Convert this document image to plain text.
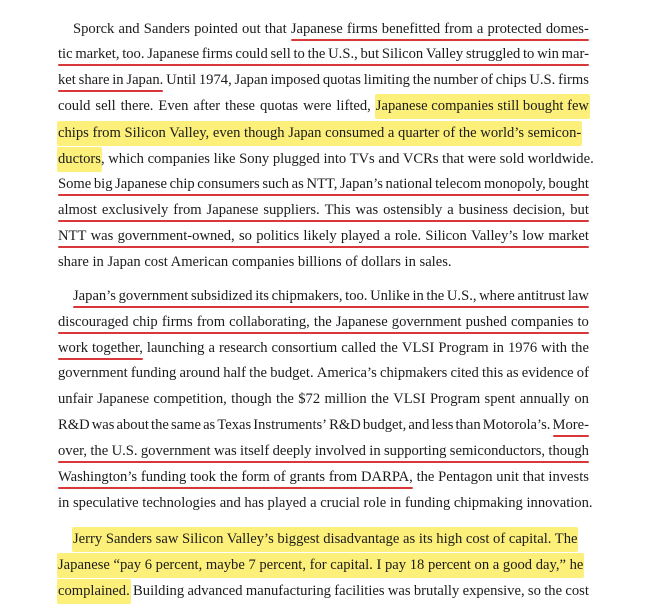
Sporck and Sanders pointed out that Japanese firms benefitted from a protected domes-
tic market, too. Japanese firms could sell to the U.S., but Silicon Valley struggled to win mar-
ket share in Japan. Until 1974, Japan imposed quotas limiting the number of chips U.S. firms
could sell there. Even after these quotas were lifted, Japanese companies still bought few
chips from Silicon Valley, even though Japan consumed a quarter of the world’s semicon-
ductors , which companies like Sony plugged into TVs and VCRs that were sold worldwide.
Some big Japanese chip consumers such as NTT, Japan’s national telecom monopoly, bought
almost exclusively from Japanese suppliers. This was ostensibly a business decision, but
NTT was government-owned, so politics likely played a role. Silicon Valley’s low market
share in Japan cost American companies billions of dollars in sales.
Japan’s government subsidized its chipmakers, too. Unlike in the U.S., where antitrust law
discouraged chip firms from collaborating, the Japanese government pushed companies to
work together, launching a research consortium called the VLSI Program in 1976 with the
government funding around half the budget. America’s chipmakers cited this as evidence of
unfair Japanese competition, though the $72 million the VLSI Program spent annually on
R&D was about the same as Texas Instruments’ R&D budget, and less than Motorola’s. More-
over, the U.S. government was itself deeply involved in supporting semiconductors, though
Washington’s funding took the form of grants from DARPA, the Pentagon unit that invests
in speculative technologies and has played a crucial role in funding chipmaking innovation.
Jerry Sanders saw Silicon Valley’s biggest disadvantage as its high cost of capital. The
Japanese “pay 6 percent, maybe 7 percent, for capital. I pay 18 percent on a good day,” he
complained. Building advanced manufacturing facilities was brutally expensive, so the cost
